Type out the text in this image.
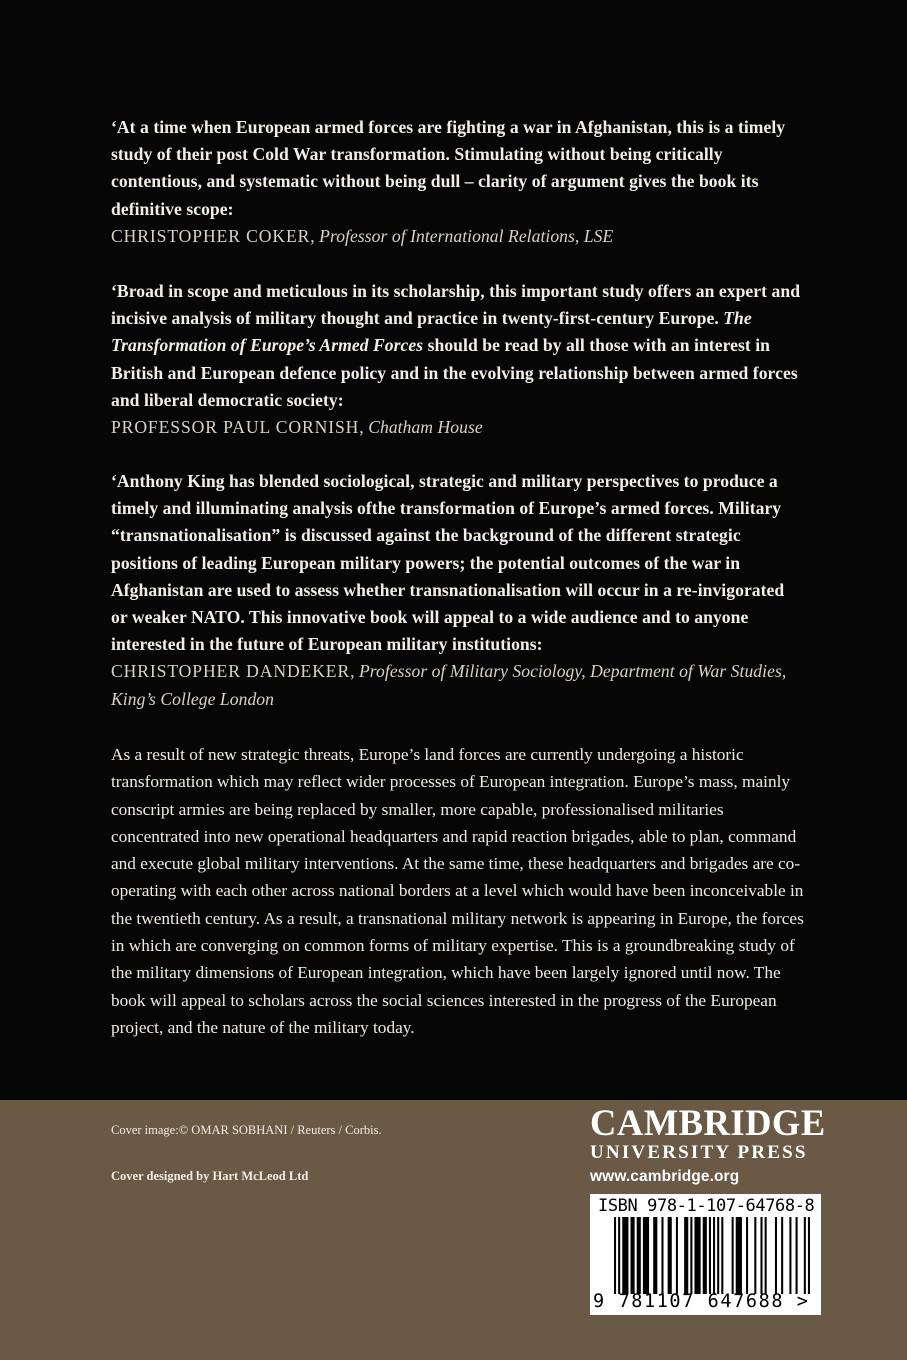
‘At a time when European armed forces are fighting a war in Afghanistan, this is a timely study of their post Cold War transformation. Stimulating without being critically contentious, and systematic without being dull – clarity of argument gives the book its definitive scope:
CHRISTOPHER COKER, Professor of International Relations, LSE
‘Broad in scope and meticulous in its scholarship, this important study offers an expert and incisive analysis of military thought and practice in twenty-first-century Europe. The Transformation of Europe’s Armed Forces should be read by all those with an interest in British and European defence policy and in the evolving relationship between armed forces and liberal democratic society:
PROFESSOR PAUL CORNISH, Chatham House
‘Anthony King has blended sociological, strategic and military perspectives to produce a timely and illuminating analysis ofthe transformation of Europe’s armed forces. Military “transnationalisation” is discussed against the background of the different strategic positions of leading European military powers; the potential outcomes of the war in Afghanistan are used to assess whether transnationalisation will occur in a re-invigorated or weaker NATO. This innovative book will appeal to a wide audience and to anyone interested in the future of European military institutions:
CHRISTOPHER DANDEKER, Professor of Military Sociology, Department of War Studies, King’s College London
As a result of new strategic threats, Europe’s land forces are currently undergoing a historic transformation which may reflect wider processes of European integration. Europe’s mass, mainly conscript armies are being replaced by smaller, more capable, professionalised militaries concentrated into new operational headquarters and rapid reaction brigades, able to plan, command and execute global military interventions. At the same time, these headquarters and brigades are co-operating with each other across national borders at a level which would have been inconceivable in the twentieth century. As a result, a transnational military network is appearing in Europe, the forces in which are converging on common forms of military expertise. This is a groundbreaking study of the military dimensions of European integration, which have been largely ignored until now. The book will appeal to scholars across the social sciences interested in the progress of the European project, and the nature of the military today.
Cover image:© OMAR SOBHANI / Reuters / Corbis.
Cover designed by Hart McLeod Ltd
CAMBRIDGE
UNIVERSITY PRESS
www.cambridge.org
ISBN 978-1-107-64768-8
9 781107 647688 >
